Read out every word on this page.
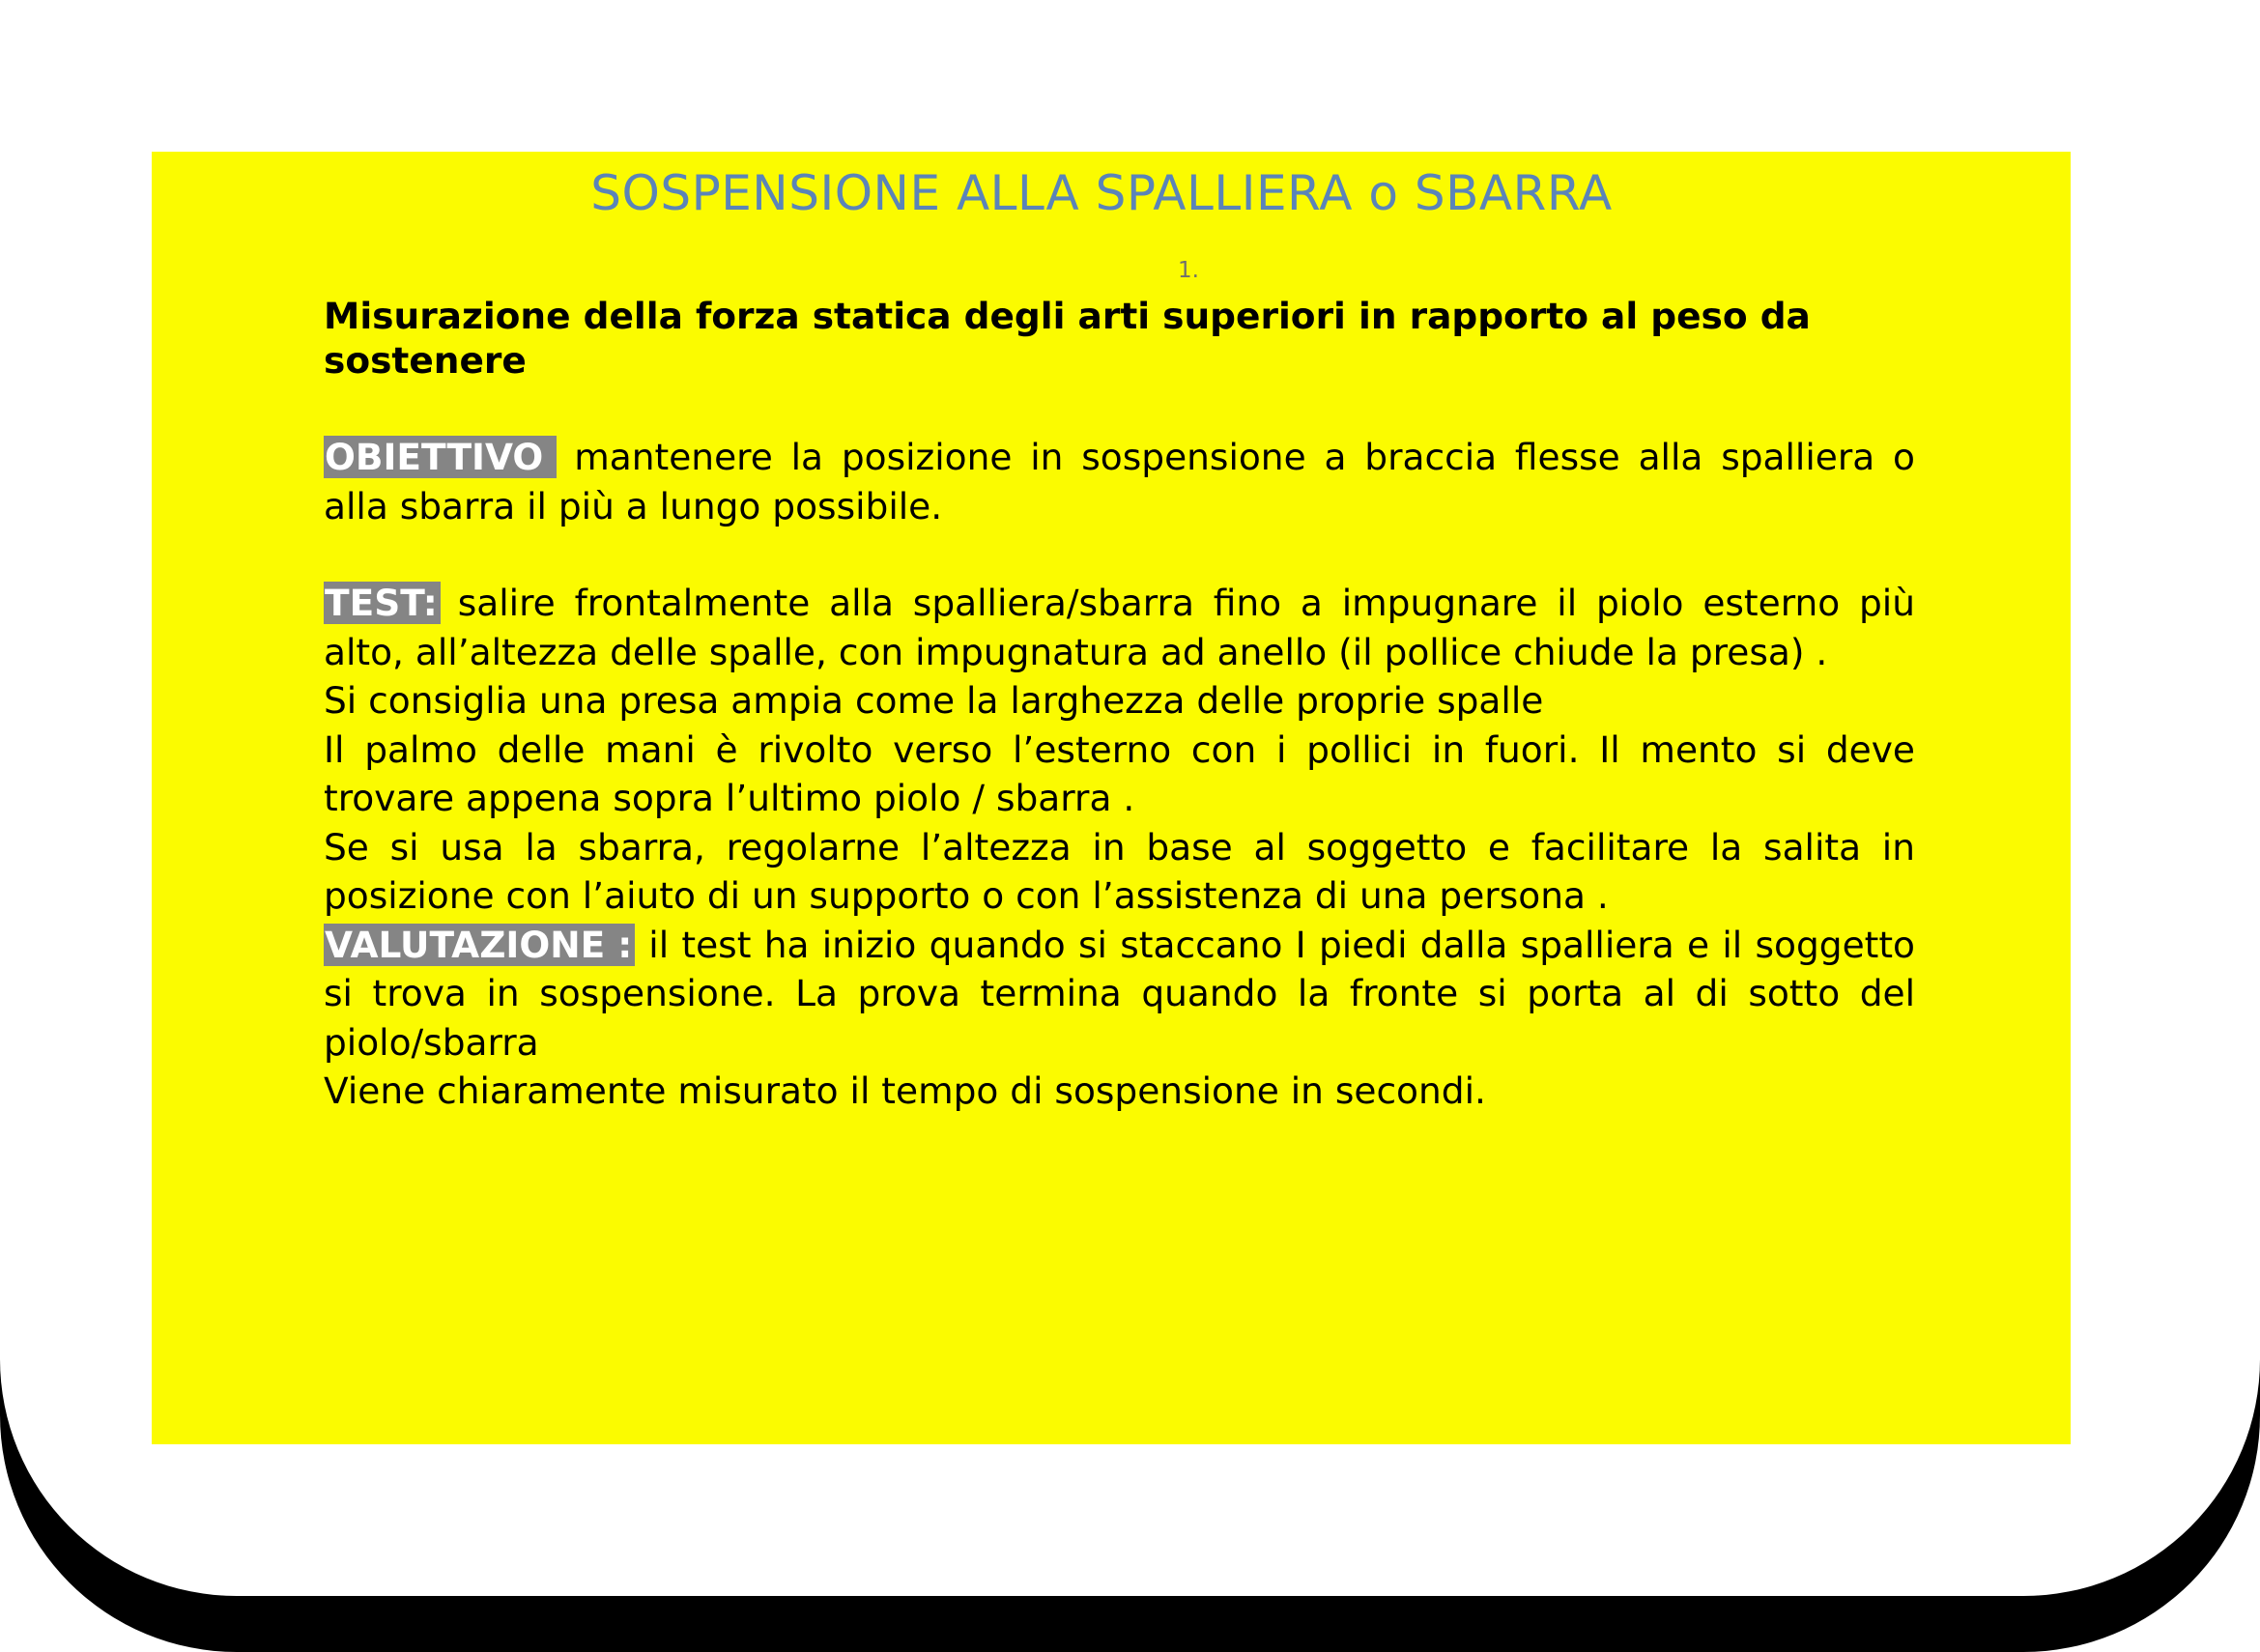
SOSPENSIONE ALLA SPALLIERA o SBARRA
1.
Misurazione della forza statica degli arti superiori in rapporto al peso da sostenere

OBIETTIVO mantenere la posizione in sospensione a braccia flesse alla spalliera o alla sbarra il più a lungo possibile.

TEST: salire frontalmente alla spalliera/sbarra fino a impugnare il piolo esterno più alto, all’altezza delle spalle, con impugnatura ad anello (il pollice chiude la presa) .

Si consiglia una presa ampia come la larghezza delle proprie spalle

Il palmo delle mani è rivolto verso l’esterno con i pollici in fuori. Il mento si deve trovare appena sopra l’ultimo piolo / sbarra .

Se si usa la sbarra, regolarne l’altezza in base al soggetto e facilitare la salita in posizione con l’aiuto di un supporto o con l’assistenza di una persona .

VALUTAZIONE : il test ha inizio quando si staccano I piedi dalla spalliera e il soggetto si trova in sospensione. La prova termina quando la fronte si porta al di sotto del piolo/sbarra

Viene chiaramente misurato il tempo di sospensione in secondi.
